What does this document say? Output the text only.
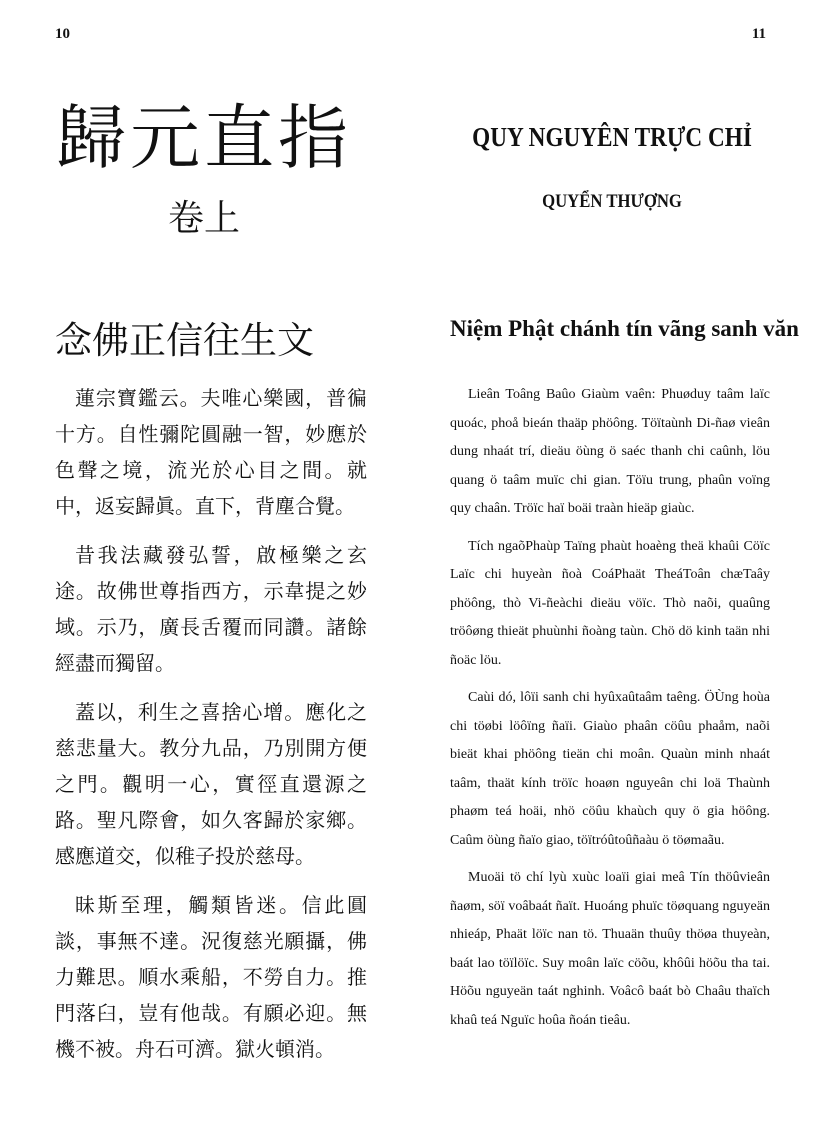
10
歸元直指
卷上
念佛正信往生文

蓮宗寶鑑云。夫唯心樂國，普徧十方。自性彌陀圓融一智，妙應於色聲之境，流光於心目之間。就中，返妄歸眞。直下，背塵合覺。

昔我法藏發弘誓，啟極樂之玄途。故佛世尊指西方，示韋提之妙域。示乃，廣長舌覆而同讚。諸餘經盡而獨留。

蓋以，利生之喜捨心增。應化之慈悲量大。教分九品，乃別開方便之門。觀明一心，實徑直還源之路。聖凡際會，如久客歸於家鄉。感應道交，似稚子投於慈母。

昧斯至理，觸類皆迷。信此圓談，事無不達。況復慈光願攝，佛力難思。順水乘船，不勞自力。推門落臼，豈有他哉。有願必迎。無機不被。舟石可濟。獄火頓消。

11
QUY NGUYÊN TRỰC CHỈ
QUYỂN THƯỢNG
Niệm Phật chánh tín vãng sanh văn

Lieân Toâng Baûo Giaùm vaên: Phuøduy taâm laïc quoác, phoå bieán thaäp phöông. Töïtaùnh Di-ñaø vieân dung nhaát trí, dieäu öùng ö saéc thanh chi caûnh, löu quang ö taâm muïc chi gian. Töïu trung, phaûn voïng quy chaân. Tröïc haï boäi traàn hieäp giaùc.

Tích ngaõPhaùp Taïng phaùt hoaèng theä khaûi Cöïc Laïc chi huyeàn ñoà CoáPhaät TheáToân chæTaây phöông, thò Vi-ñeàchi dieäu vöïc. Thò naõi, quaûng tröôøng thieät phuùnhi ñoàng taùn. Chö dö kinh taän nhi ñoäc löu.

Caùi dó, lôïi sanh chi hyûxaûtaâm taêng. ÖÙng hoùa chi töøbi löôïng ñaïi. Giaùo phaân cöûu phaåm, naõi bieät khai phöông tieän chi moân. Quaùn minh nhaát taâm, thaät kính tröïc hoaøn nguyeân chi loä Thaùnh phaøm teá hoäi, nhö cöûu khaùch quy ö gia höông. Caûm öùng ñaïo giao, töïtróûtoûñaàu ö töømaãu.

Muoäi tö chí lyù xuùc loaïi giai meâ Tín thöûvieân ñaøm, söï voâbaát ñaït. Huoáng phuïc töøquang nguyeän nhieáp, Phaät löïc nan tö. Thuaän thuûy thöøa thuyeàn, baát lao töïlöïc. Suy moân laïc cöõu, khôûi höõu tha tai. Höõu nguyeän taát nghinh. Voâcô baát bò Chaâu thaïch khaû teá Nguïc hoûa ñoán tieâu.
